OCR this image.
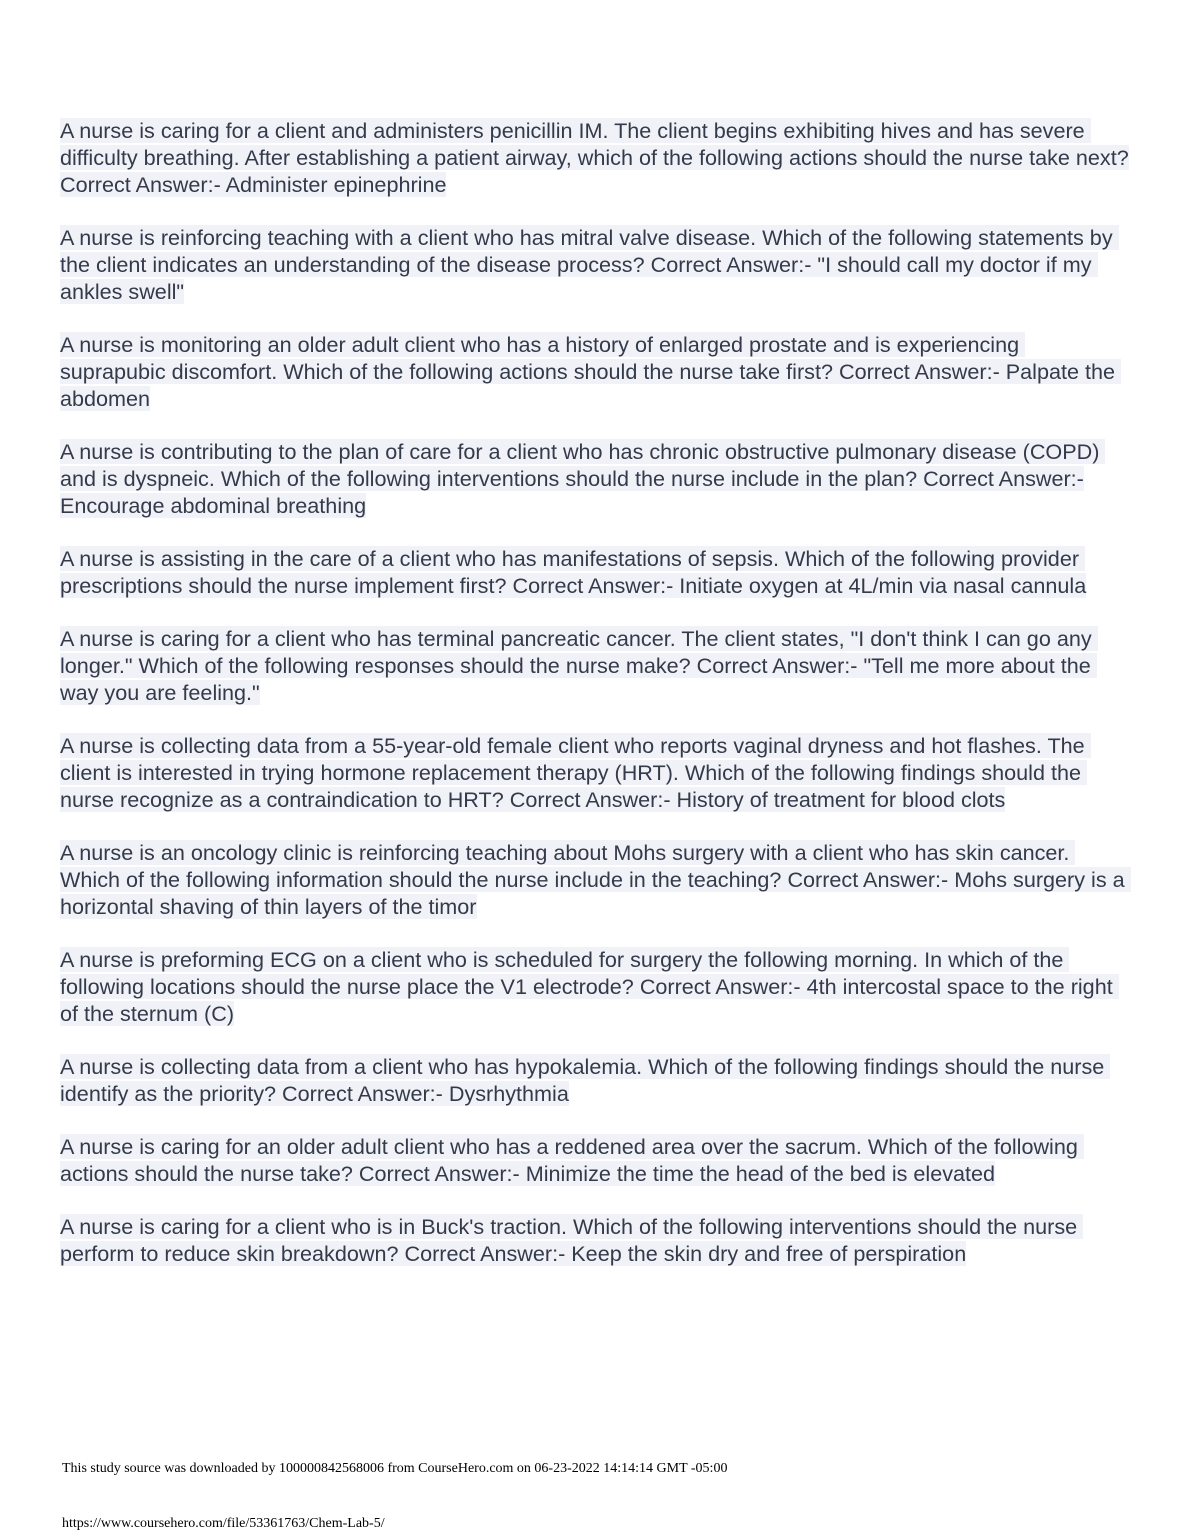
A nurse is caring for a client and administers penicillin IM. The client begins exhibiting hives and has severe difficulty breathing. After establishing a patient airway, which of the following actions should the nurse take next? Correct Answer:- Administer epinephrine

A nurse is reinforcing teaching with a client who has mitral valve disease. Which of the following statements by the client indicates an understanding of the disease process? Correct Answer:- "I should call my doctor if my ankles swell"

A nurse is monitoring an older adult client who has a history of enlarged prostate and is experiencing suprapubic discomfort. Which of the following actions should the nurse take first? Correct Answer:- Palpate the abdomen

A nurse is contributing to the plan of care for a client who has chronic obstructive pulmonary disease (COPD) and is dyspneic. Which of the following interventions should the nurse include in the plan? Correct Answer:- Encourage abdominal breathing

A nurse is assisting in the care of a client who has manifestations of sepsis. Which of the following provider prescriptions should the nurse implement first? Correct Answer:- Initiate oxygen at 4L/min via nasal cannula

A nurse is caring for a client who has terminal pancreatic cancer. The client states, "I don't think I can go any longer." Which of the following responses should the nurse make? Correct Answer:- "Tell me more about the way you are feeling."

A nurse is collecting data from a 55-year-old female client who reports vaginal dryness and hot flashes. The client is interested in trying hormone replacement therapy (HRT). Which of the following findings should the nurse recognize as a contraindication to HRT? Correct Answer:- History of treatment for blood clots

A nurse is an oncology clinic is reinforcing teaching about Mohs surgery with a client who has skin cancer. Which of the following information should the nurse include in the teaching? Correct Answer:- Mohs surgery is a horizontal shaving of thin layers of the timor

A nurse is preforming ECG on a client who is scheduled for surgery the following morning. In which of the following locations should the nurse place the V1 electrode? Correct Answer:- 4th intercostal space to the right of the sternum (C)

A nurse is collecting data from a client who has hypokalemia. Which of the following findings should the nurse identify as the priority? Correct Answer:- Dysrhythmia

A nurse is caring for an older adult client who has a reddened area over the sacrum. Which of the following actions should the nurse take? Correct Answer:- Minimize the time the head of the bed is elevated

A nurse is caring for a client who is in Buck's traction. Which of the following interventions should the nurse perform to reduce skin breakdown? Correct Answer:- Keep the skin dry and free of perspiration

This study source was downloaded by 100000842568006 from CourseHero.com on 06-23-2022 14:14:14 GMT -05:00
https://www.coursehero.com/file/53361763/Chem-Lab-5/
